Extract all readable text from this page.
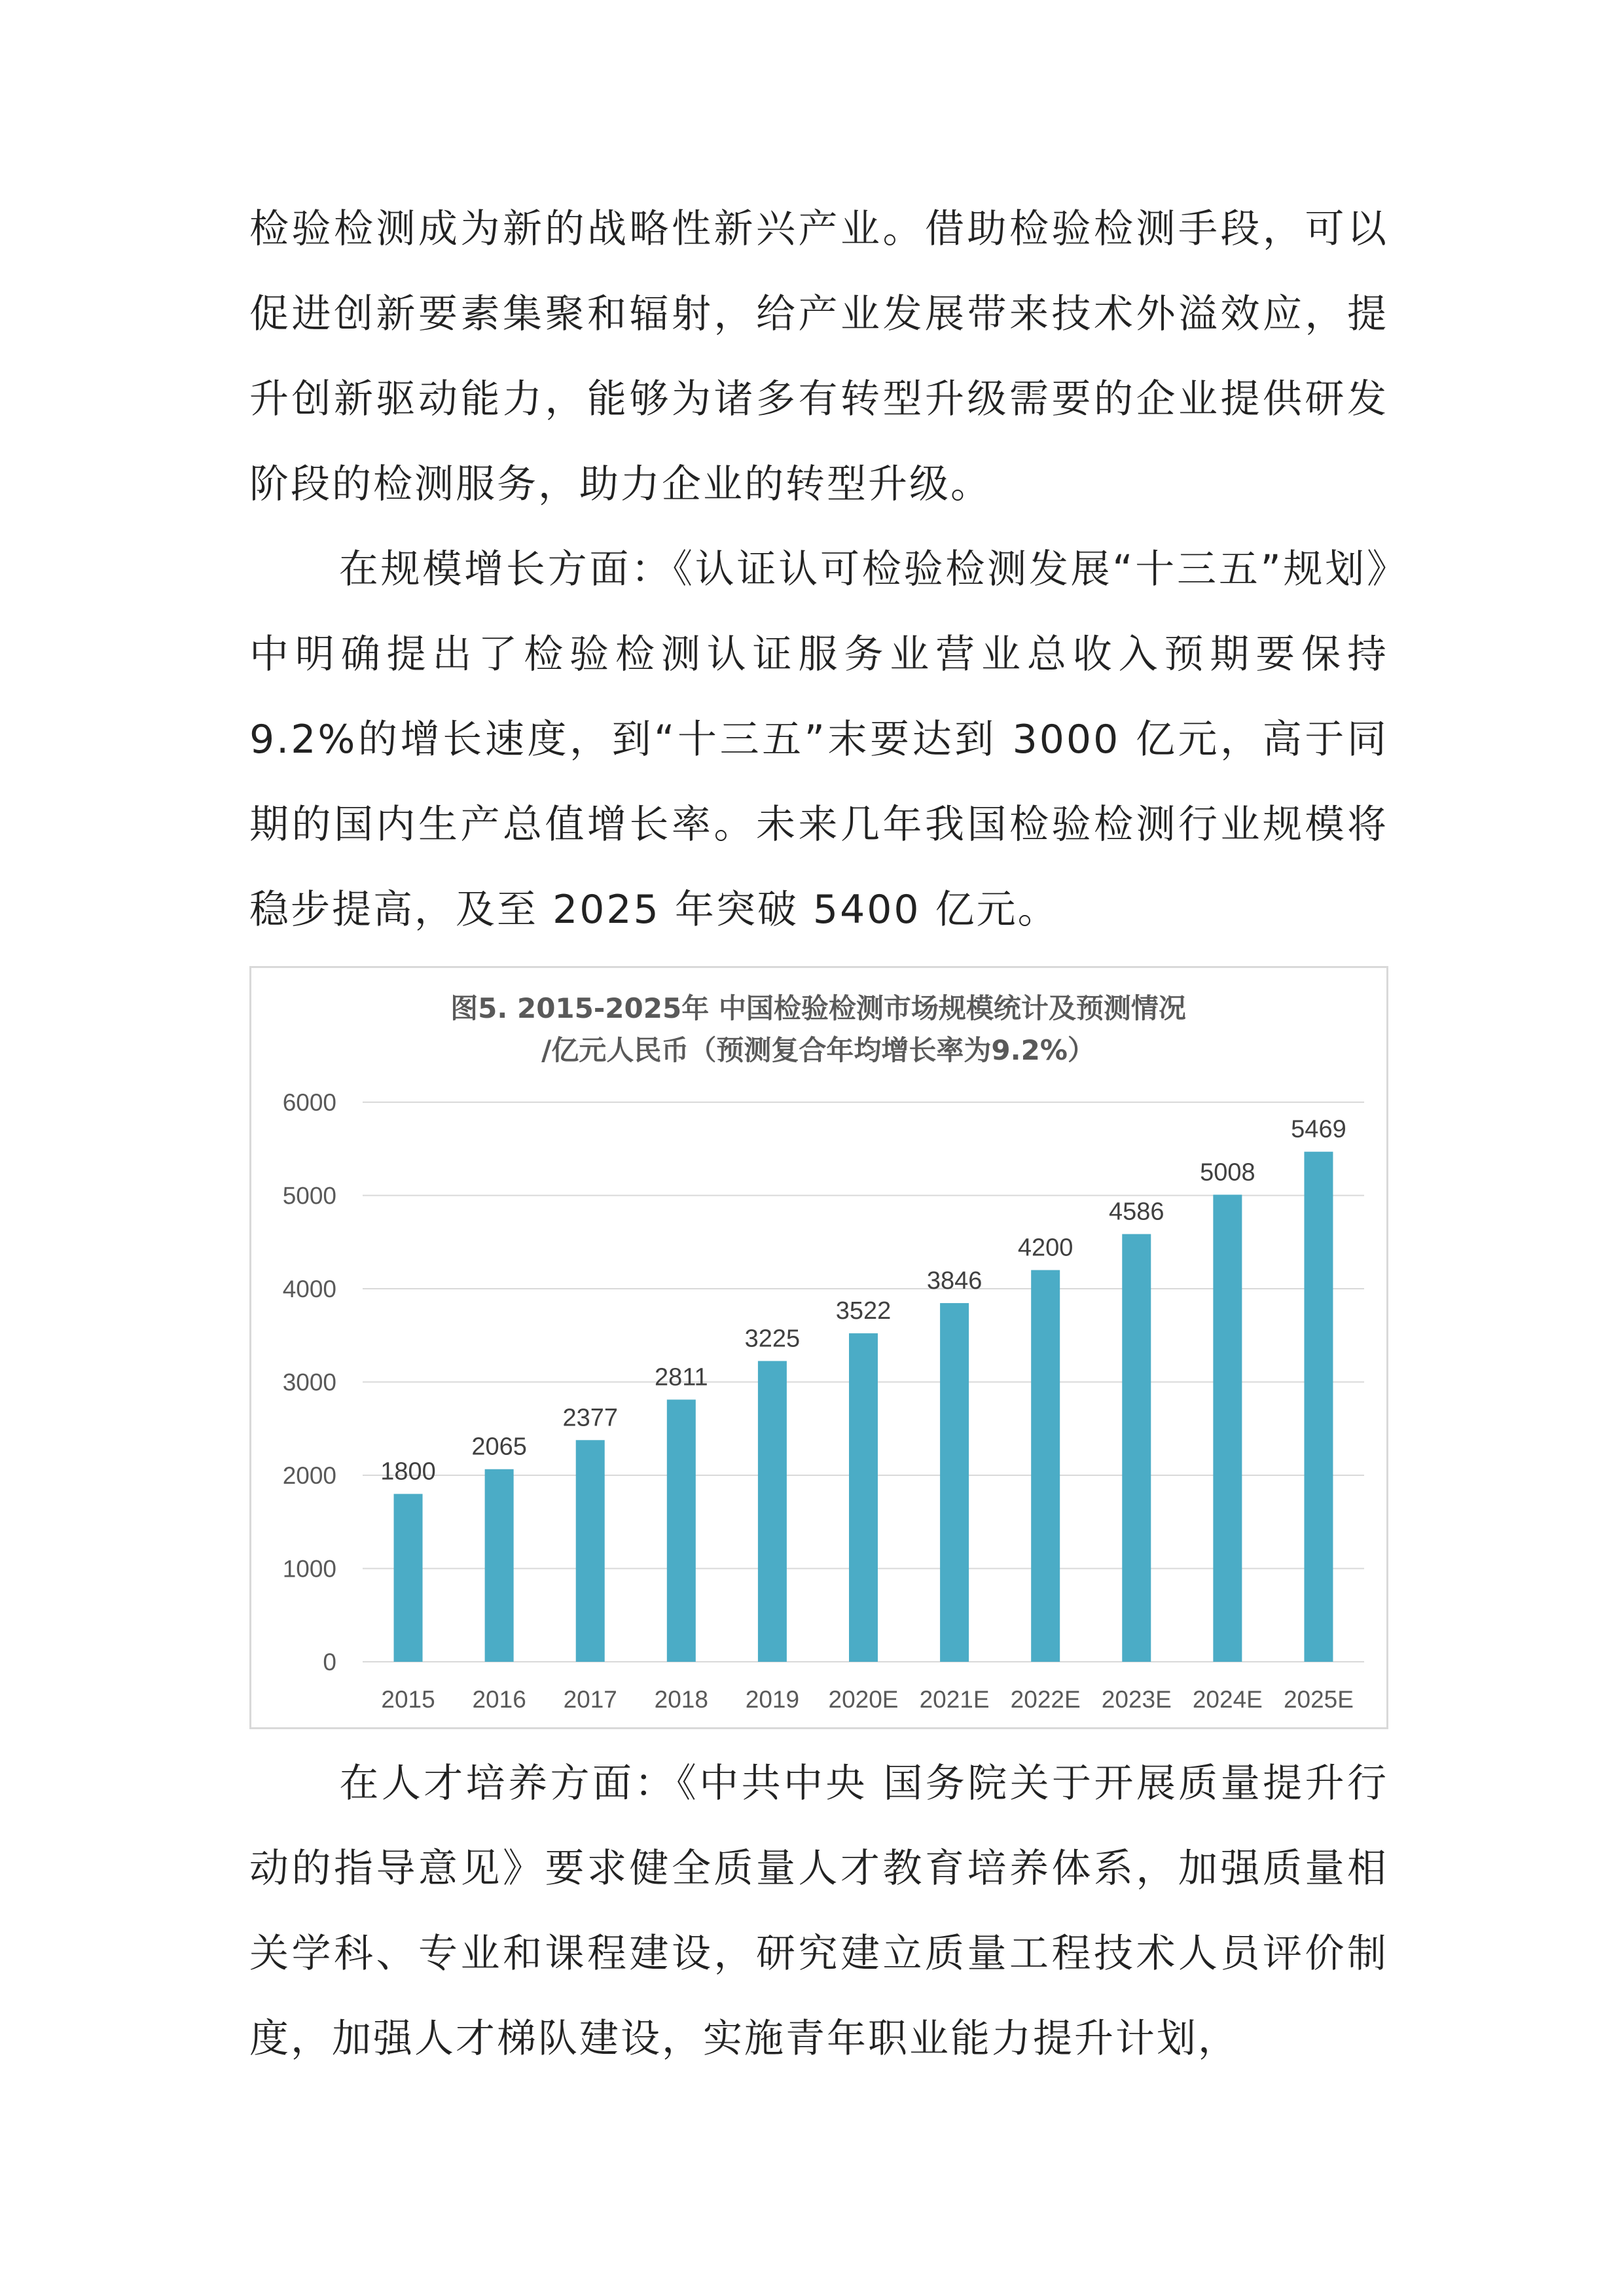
检验检测成为新的战略性新兴产业。借助检验检测手段，可以促进创新要素集聚和辐射，给产业发展带来技术外溢效应，提升创新驱动能力，能够为诸多有转型升级需要的企业提供研发阶段的检测服务，助力企业的转型升级。

在规模增长方面：《认证认可检验检测发展“十三五”规划》中明确提出了检验检测认证服务业营业总收入预期要保持 9.2%的增长速度，到“十三五”末要达到 3000 亿元，高于同期的国内生产总值增长率。未来几年我国检验检测行业规模将稳步提高，及至 2025 年突破 5400 亿元。

图5. 2015-2025年 中国检验检测市场规模统计及预测情况
/亿元人民币（预测复合年均增长率为9.2%）
0
1000
2000
3000
4000
5000
6000
1800
2065
2377
2811
3225
3522
3846
4200
4586
5008
5469
2015 2016 2017 2018 2019 2020E 2021E 2022E 2023E 2024E 2025E

在人才培养方面：《中共中央 国务院关于开展质量提升行动的指导意见》要求健全质量人才教育培养体系，加强质量相关学科、专业和课程建设，研究建立质量工程技术人员评价制度，加强人才梯队建设，实施青年职业能力提升计划，
